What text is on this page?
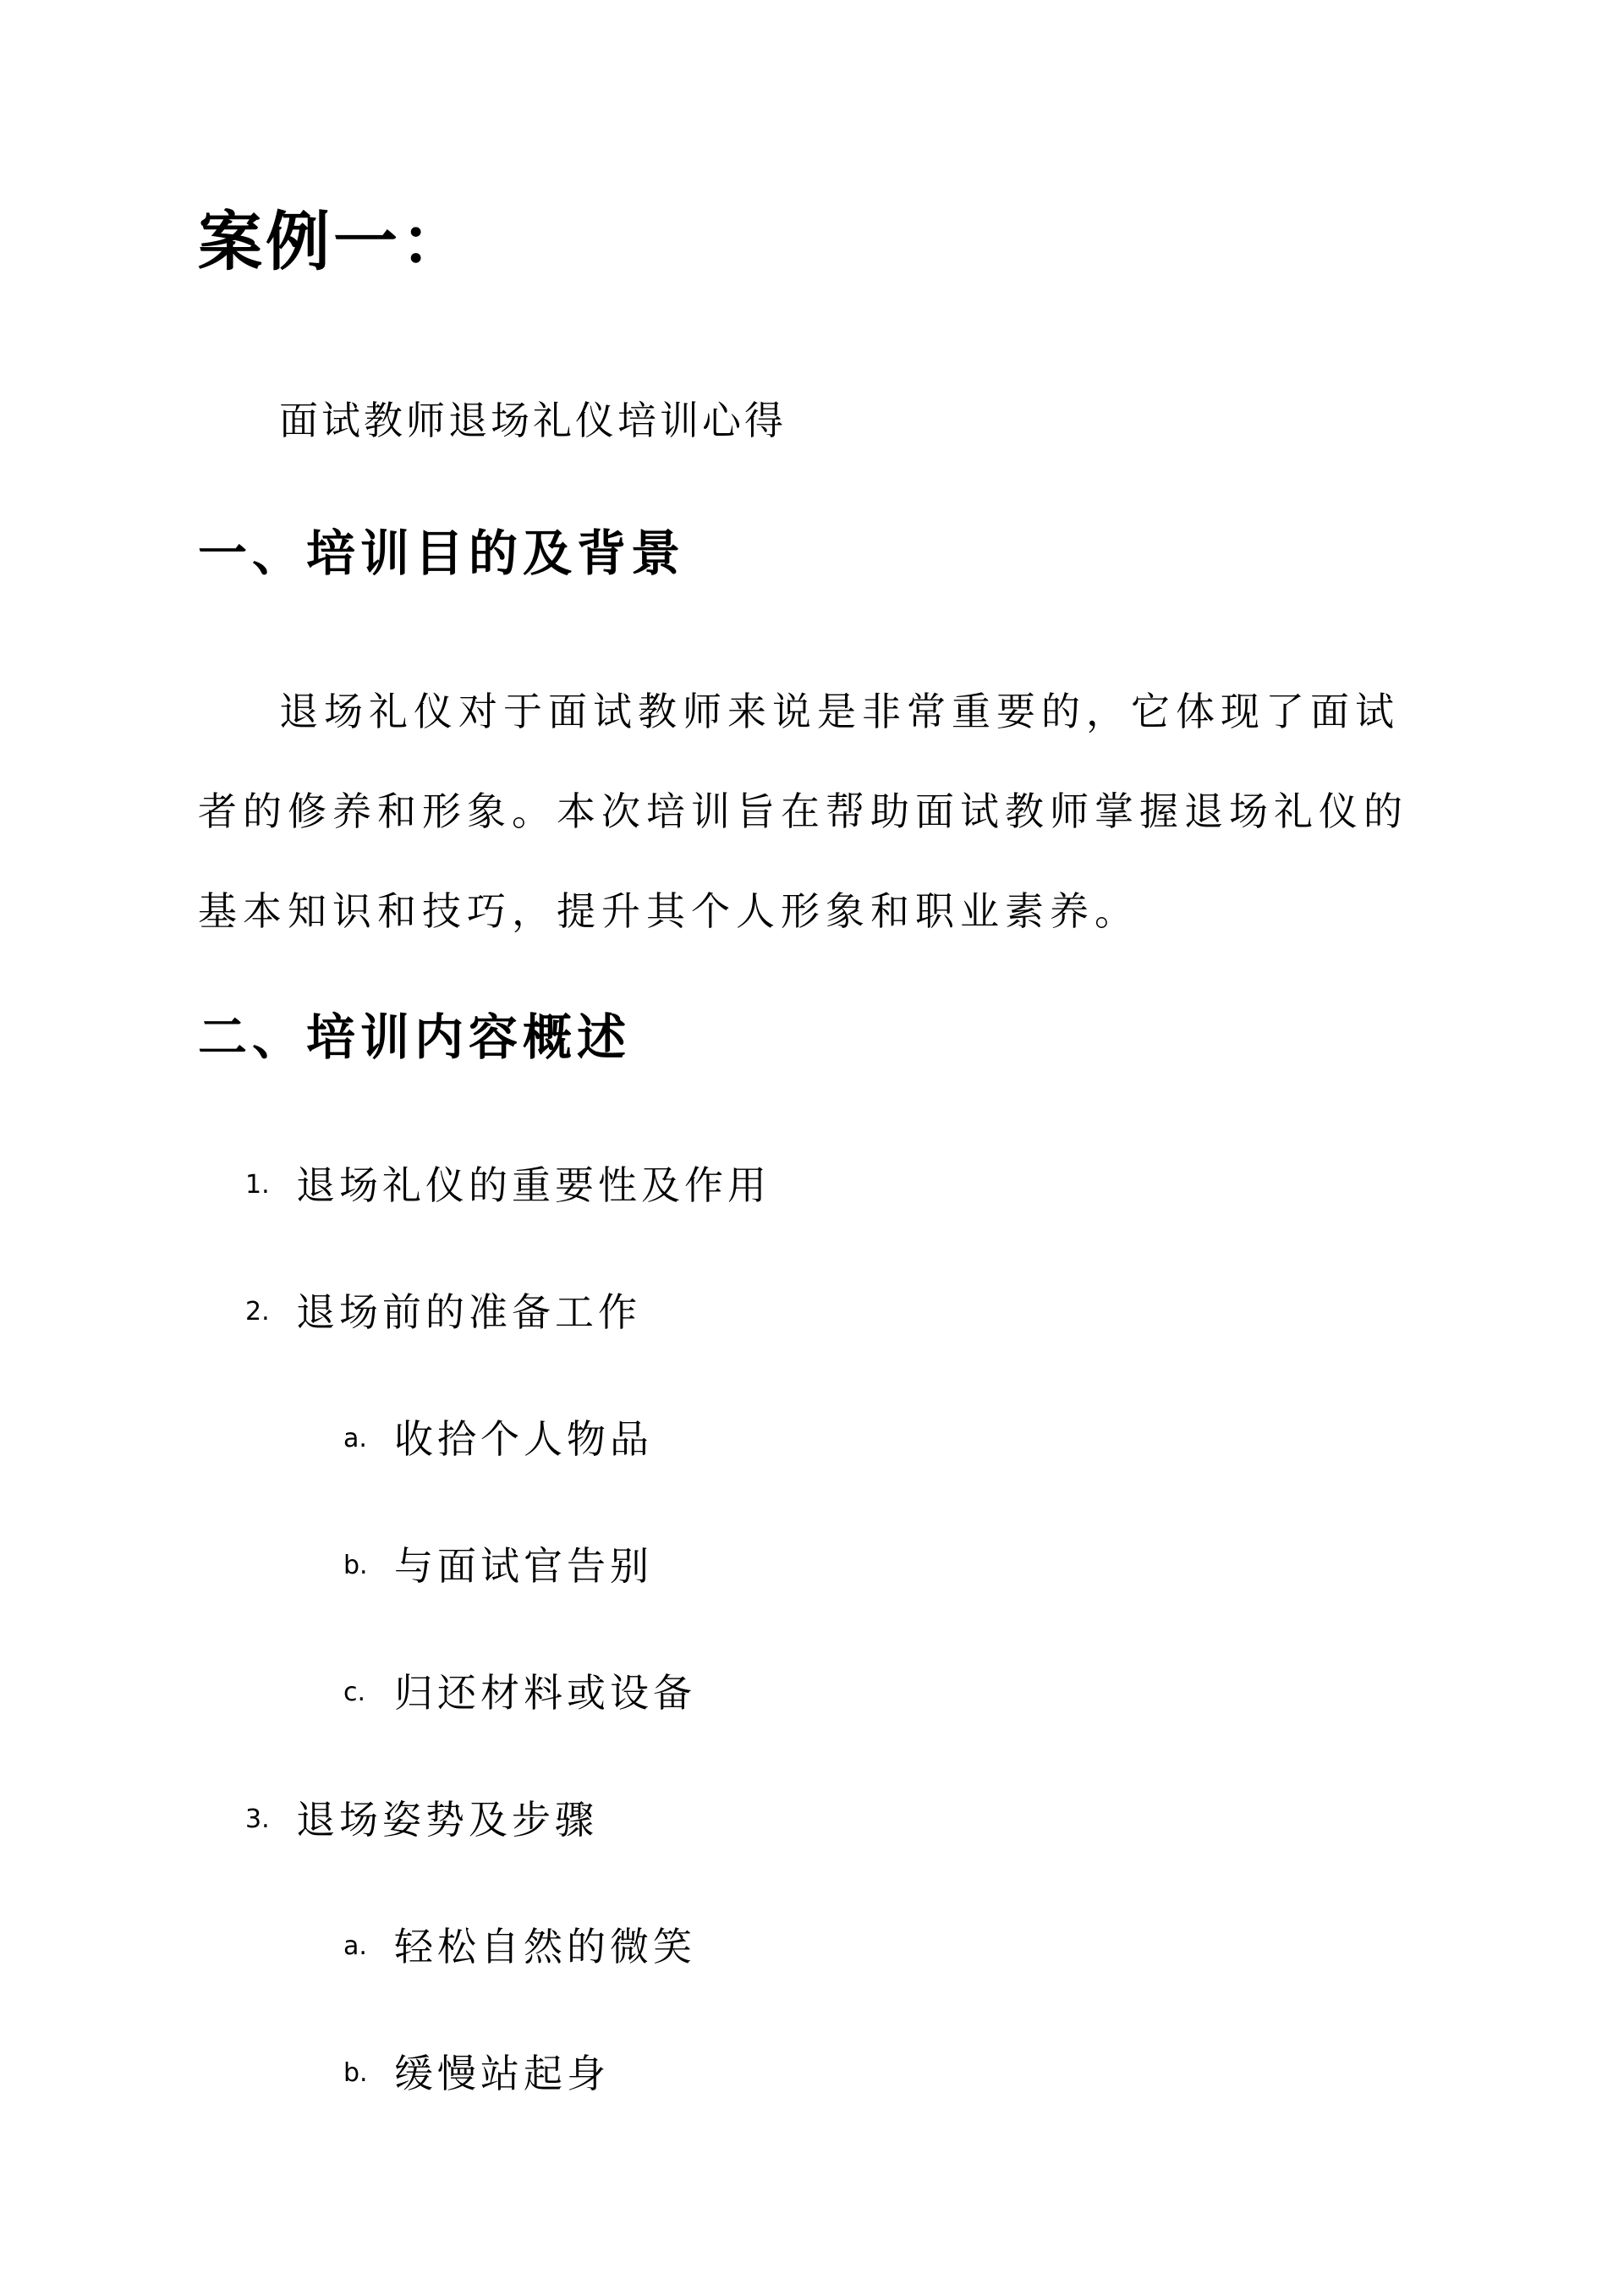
案例一：
面试教师退场礼仪培训心得
一、培训目的及背景

退场礼仪对于面试教师来说是非常重要的，它体现了面试者的修养和形象。本次培训旨在帮助面试教师掌握退场礼仪的基本知识和技巧，提升其个人形象和职业素养。

二、培训内容概述
1. 退场礼仪的重要性及作用
2. 退场前的准备工作
a. 收拾个人物品
b. 与面试官告别
c. 归还材料或设备
3. 退场姿势及步骤
a. 轻松自然的微笑
b. 缓慢站起身
